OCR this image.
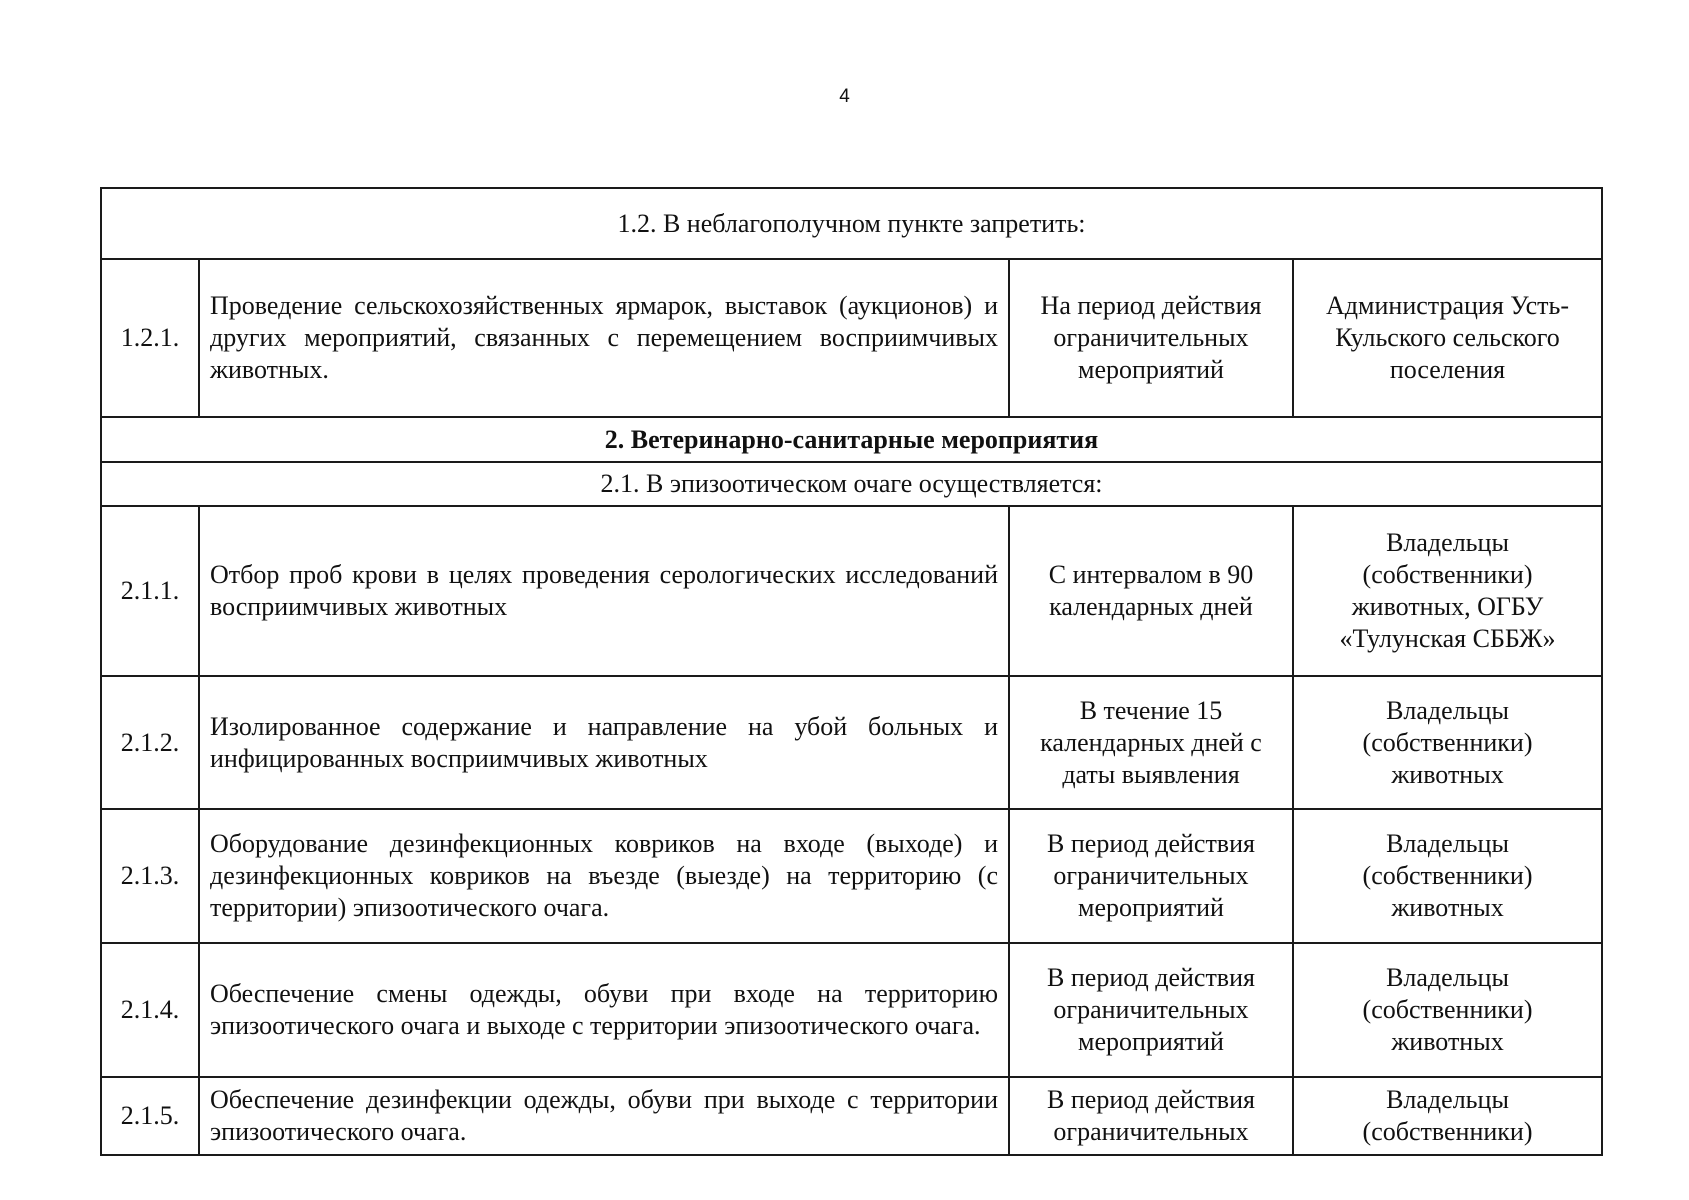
4
1.2. В неблагополучном пункте запретить:			
1.2.1.	Проведение сельскохозяйственных ярмарок, выставок (аукционов) и других мероприятий, связанных с перемещением восприимчивых животных.	На период действия ограничительных мероприятий	Администрация Усть-Кульского сельского поселения
2. Ветеринарно-санитарные мероприятия			
2.1. В эпизоотическом очаге осуществляется:			
2.1.1.	Отбор проб крови в целях проведения серологических исследований восприимчивых животных	С интервалом в 90 календарных дней	Владельцы (собственники) животных, ОГБУ «Тулунская СББЖ»
2.1.2.	Изолированное содержание и направление на убой больных и инфицированных восприимчивых животных	В течение 15 календарных дней с даты выявления	Владельцы (собственники) животных
2.1.3.	Оборудование дезинфекционных ковриков на входе (выходе) и дезинфекционных ковриков на въезде (выезде) на территорию (с территории) эпизоотического очага.	В период действия ограничительных мероприятий	Владельцы (собственники) животных
2.1.4.	Обеспечение смены одежды, обуви при входе на территорию эпизоотического очага и выходе с территории эпизоотического очага.	В период действия ограничительных мероприятий	Владельцы (собственники) животных
2.1.5.	Обеспечение дезинфекции одежды, обуви при выходе с территории эпизоотического очага.	В период действия ограничительных	Владельцы (собственники)
